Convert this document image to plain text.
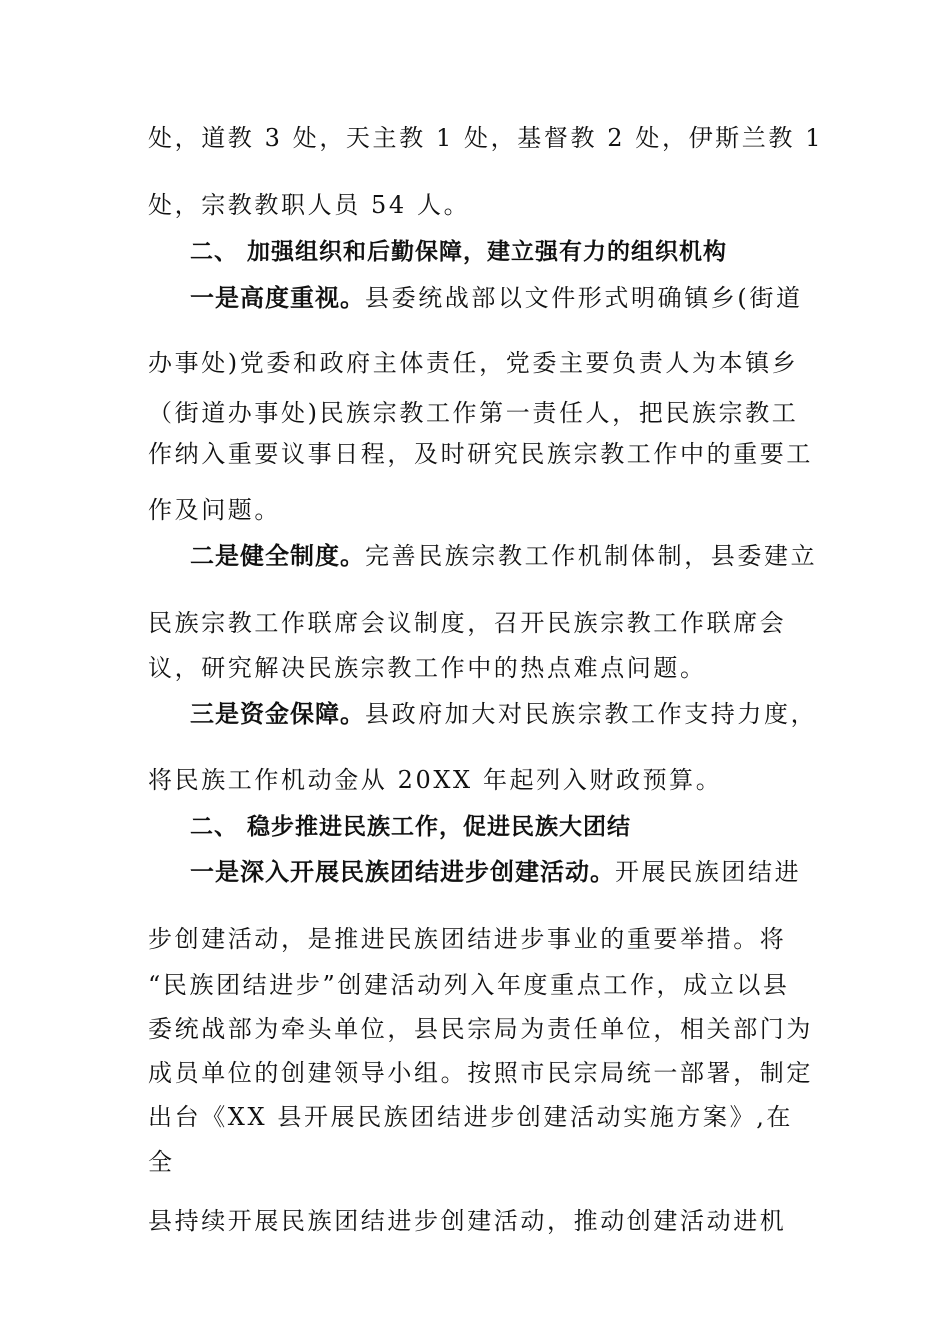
处，道教 3 处，天主教 1 处，基督教 2 处，伊斯兰教 1
处，宗教教职人员 54 人。
二、 加强组织和后勤保障，建立强有力的组织机构
一是高度重视。县委统战部以文件形式明确镇乡(街道
办事处)党委和政府主体责任，党委主要负责人为本镇乡
（街道办事处)民族宗教工作第一责任人，把民族宗教工
作纳入重要议事日程，及时研究民族宗教工作中的重要工
作及问题。
二是健全制度。完善民族宗教工作机制体制，县委建立
民族宗教工作联席会议制度，召开民族宗教工作联席会
议，研究解决民族宗教工作中的热点难点问题。
三是资金保障。县政府加大对民族宗教工作支持力度，
将民族工作机动金从 20XX 年起列入财政预算。
二、 稳步推进民族工作，促进民族大团结
一是深入开展民族团结进步创建活动。开展民族团结进
步创建活动，是推进民族团结进步事业的重要举措。将
“民族团结进步”创建活动列入年度重点工作，成立以县
委统战部为牵头单位，县民宗局为责任单位，相关部门为
成员单位的创建领导小组。按照市民宗局统一部署，制定
出台《XX 县开展民族团结进步创建活动实施方案》,在
全
县持续开展民族团结进步创建活动，推动创建活动进机
